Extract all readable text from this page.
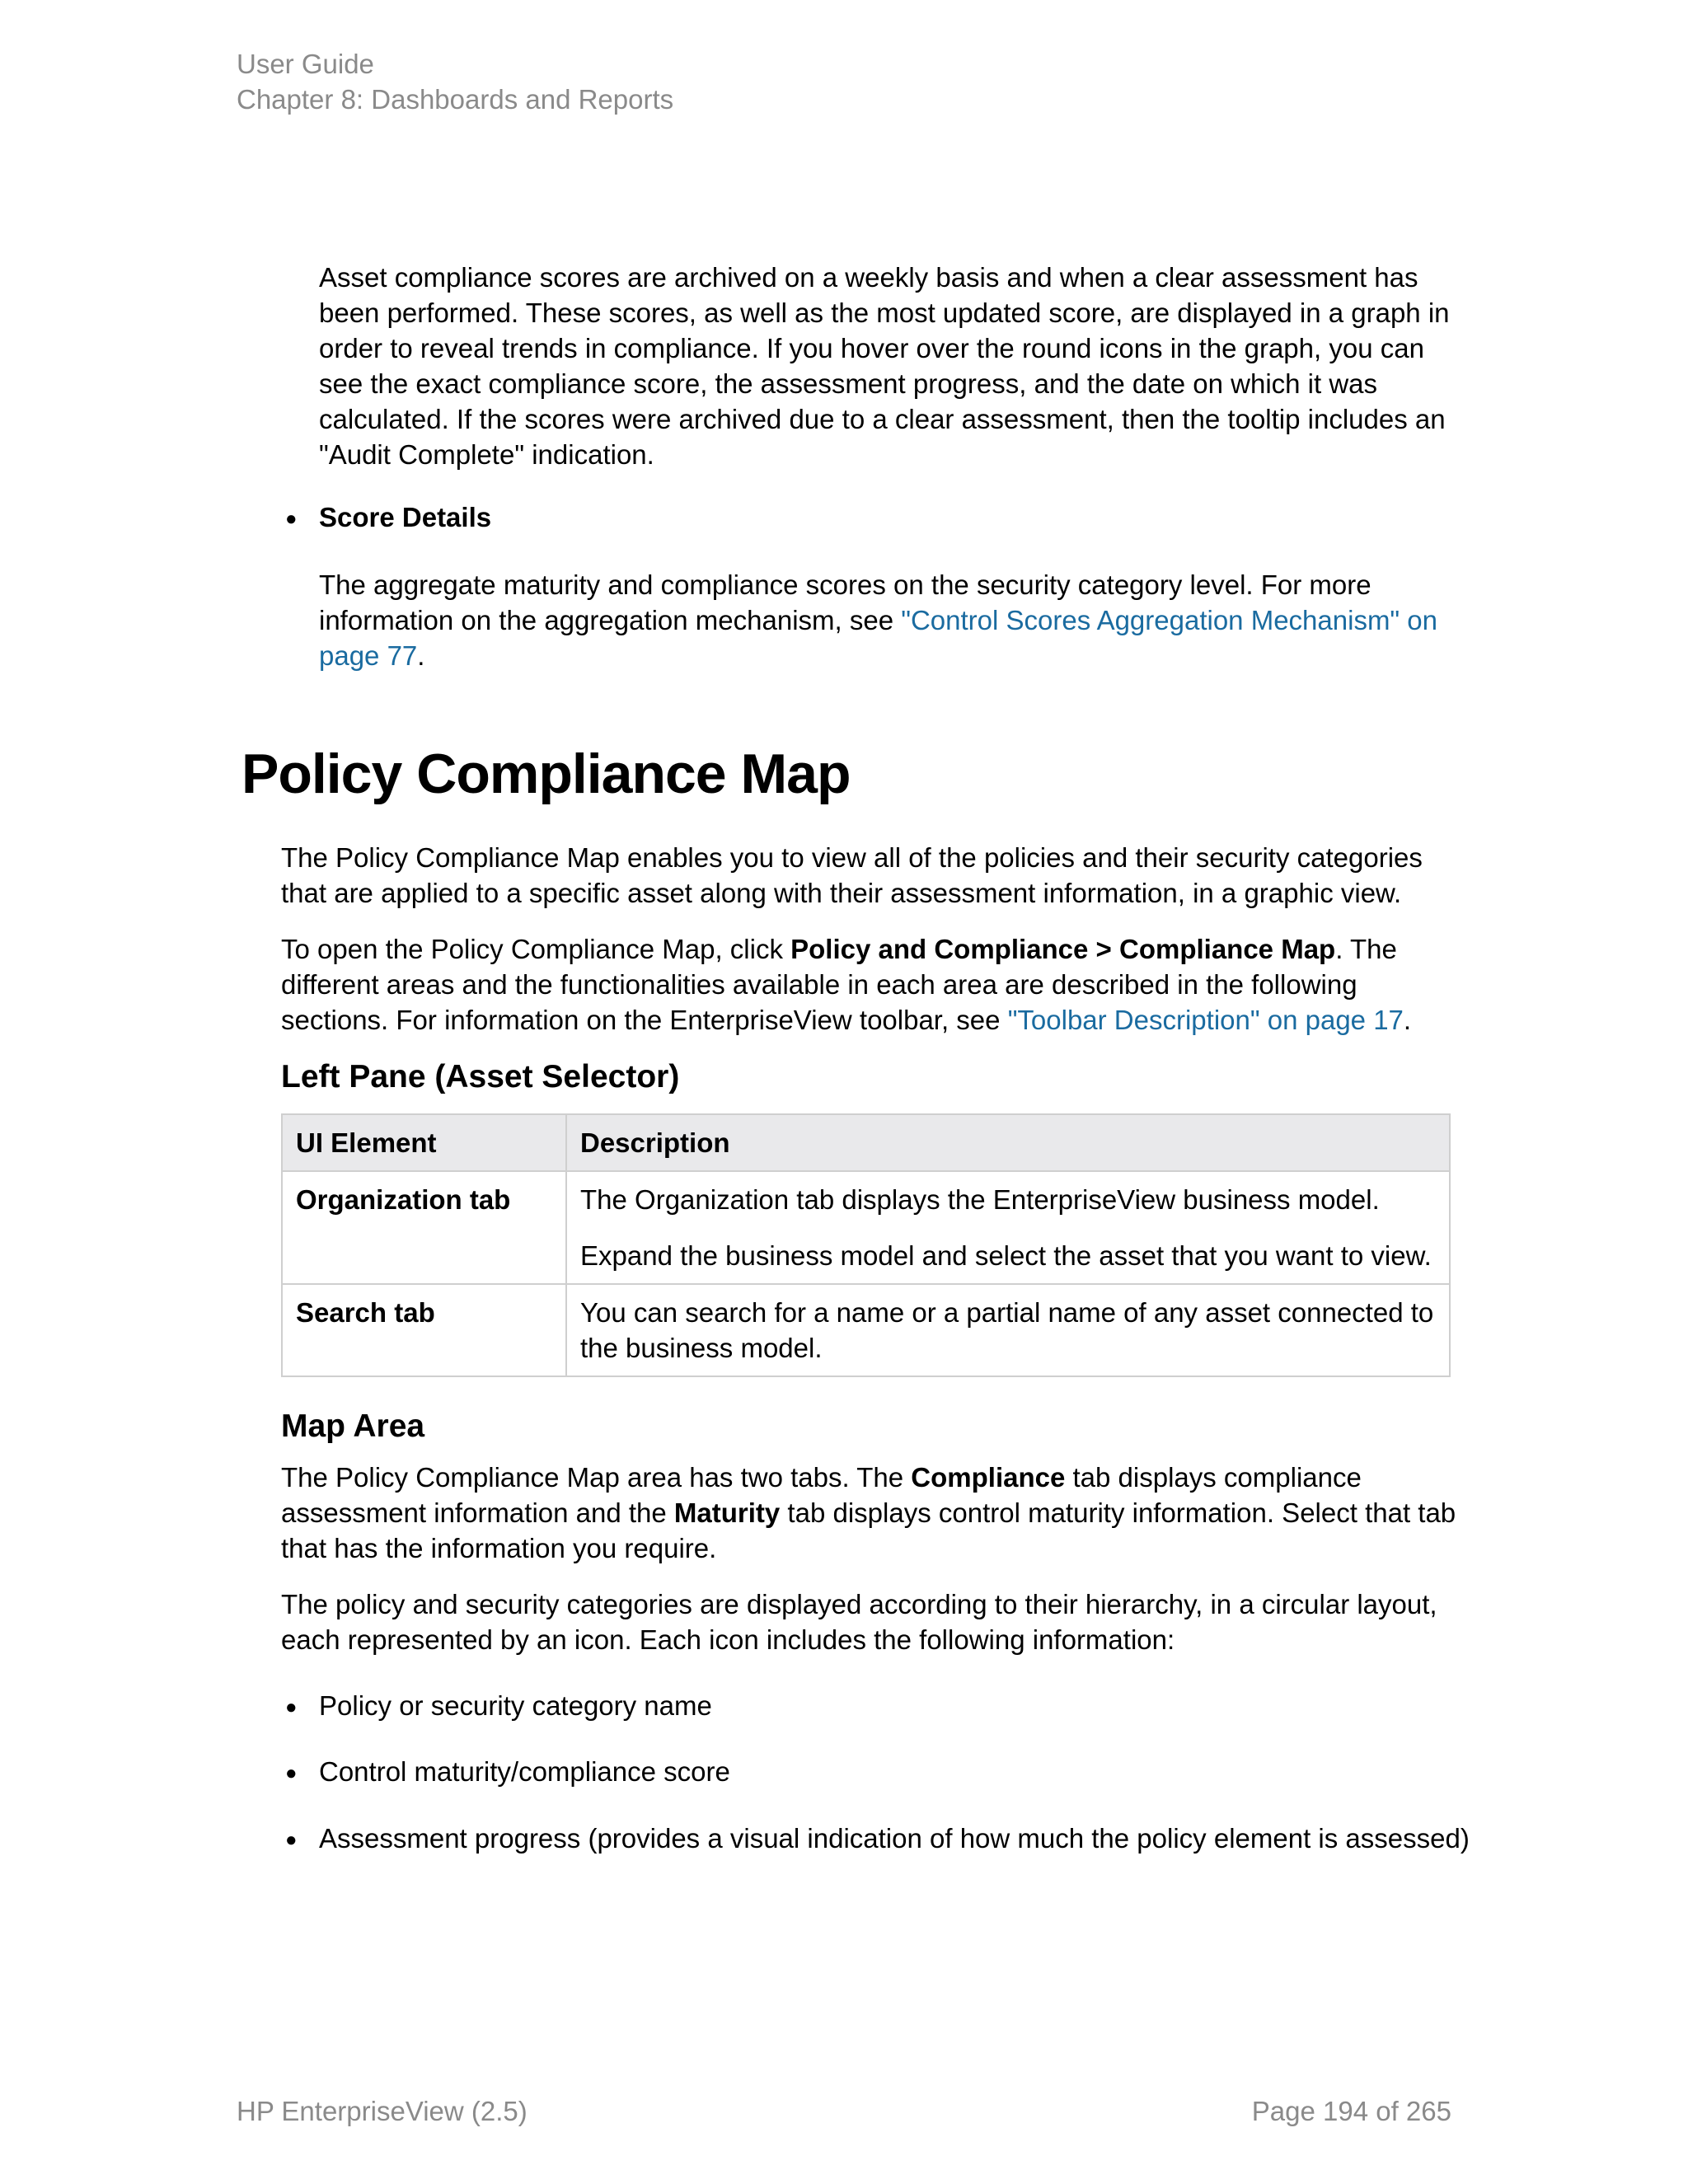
User Guide
Chapter 8: Dashboards and Reports

Asset compliance scores are archived on a weekly basis and when a clear assessment has been performed. These scores, as well as the most updated score, are displayed in a graph in order to reveal trends in compliance. If you hover over the round icons in the graph, you can see the exact compliance score, the assessment progress, and the date on which it was calculated. If the scores were archived due to a clear assessment, then the tooltip includes an "Audit Complete" indication.

● Score Details

The aggregate maturity and compliance scores on the security category level. For more information on the aggregation mechanism, see "Control Scores Aggregation Mechanism" on page 77.

Policy Compliance Map

The Policy Compliance Map enables you to view all of the policies and their security categories that are applied to a specific asset along with their assessment information, in a graphic view.

To open the Policy Compliance Map, click Policy and Compliance > Compliance Map. The different areas and the functionalities available in each area are described in the following sections. For information on the EnterpriseView toolbar, see "Toolbar Description" on page 17.

Left Pane (Asset Selector)
UI Element	Description
Organization tab	The Organization tab displays the EnterpriseView business model.

Expand the business model and select the asset that you want to view.

Search tab	You can search for a name or a partial name of any asset connected to the business model.

Map Area

The Policy Compliance Map area has two tabs. The Compliance tab displays compliance assessment information and the Maturity tab displays control maturity information. Select that tab that has the information you require.

The policy and security categories are displayed according to their hierarchy, in a circular layout, each represented by an icon. Each icon includes the following information:

● Policy or security category name
● Control maturity/compliance score
● Assessment progress (provides a visual indication of how much the policy element is assessed)
HP EnterpriseView (2.5)	Page 194 of 265
